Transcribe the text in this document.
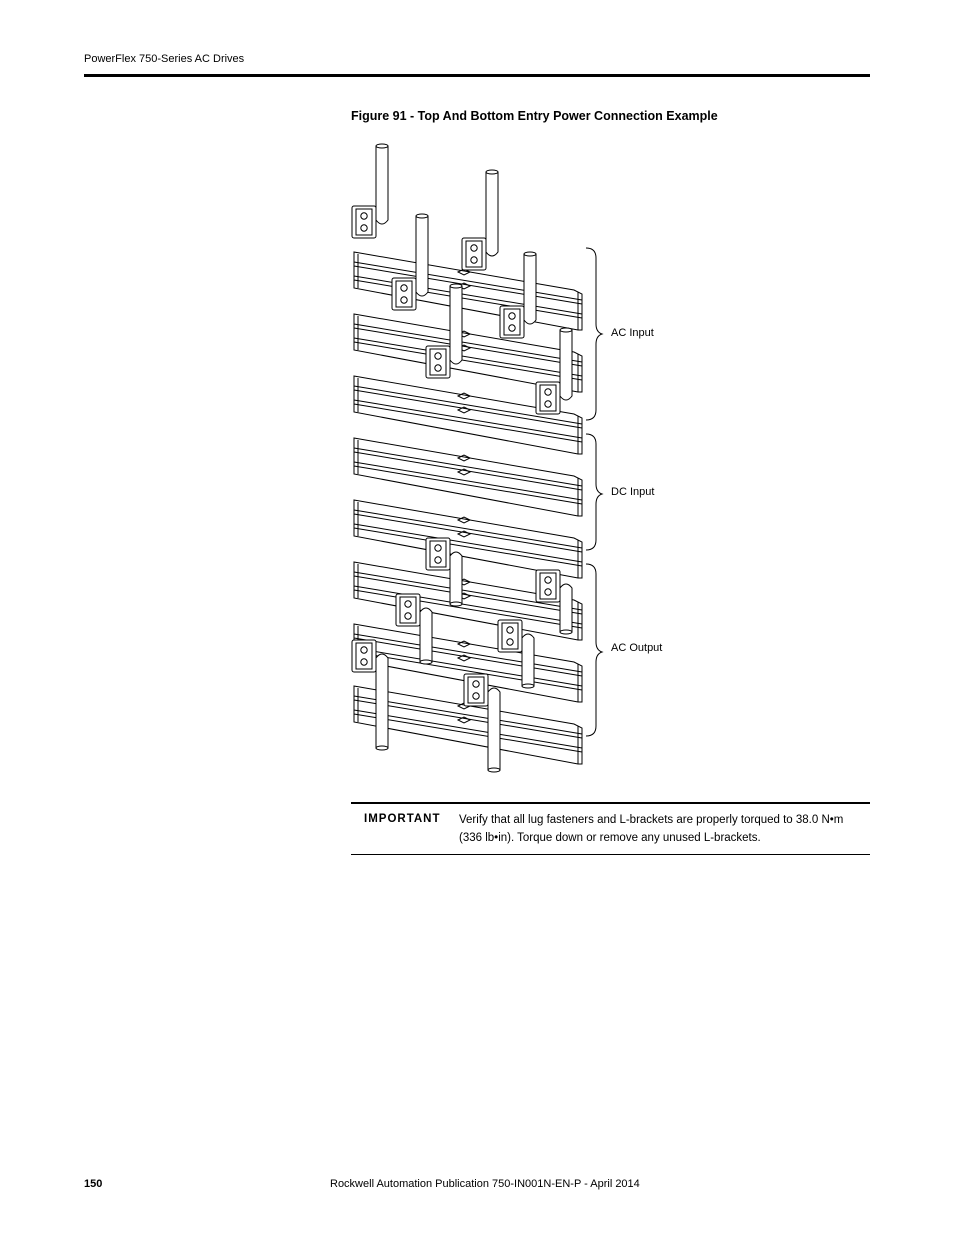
PowerFlex 750-Series AC Drives
Figure 91 - Top And Bottom Entry Power Connection Example
AC Input
DC Input
AC Output
IMPORTANT Verify that all lug fasteners and L-brackets are properly torqued to 38.0 N•m (336 lb•in). Torque down or remove any unused L-brackets.
150	Rockwell Automation Publication 750-IN001N-EN-P - April 2014
